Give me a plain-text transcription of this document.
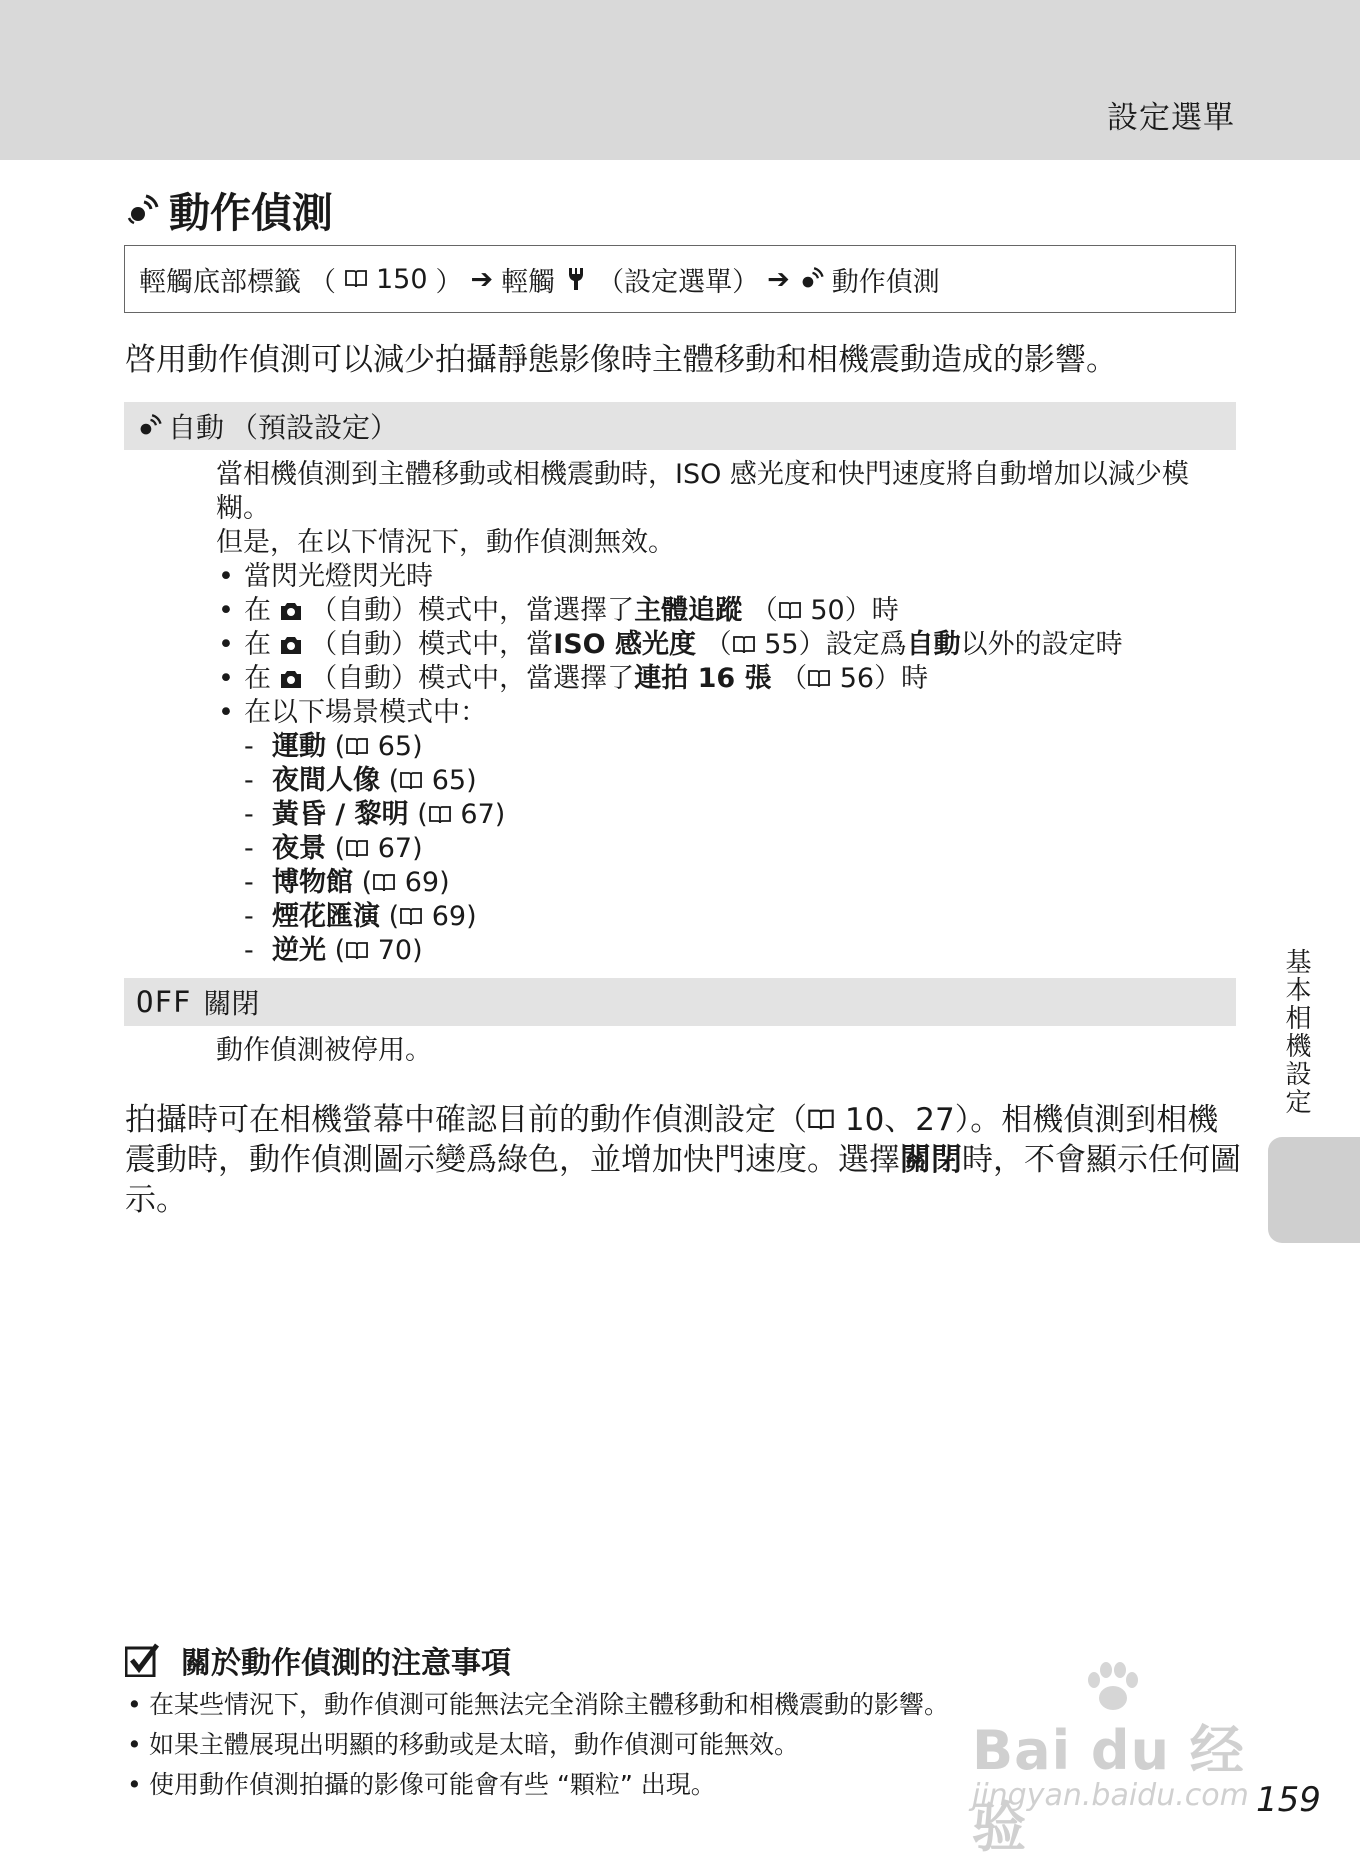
設定選單
動作偵測
輕觸底部標籤 （ 150 ） ➔ 輕觸 （設定選單） ➔ 動作偵測
啓用動作偵測可以減少拍攝靜態影像時主體移動和相機震動造成的影響。
自動 （預設設定）

當相機偵測到主體移動或相機震動時，ISO 感光度和快門速度將自動增加以減少模糊。

但是，在以下情況下，動作偵測無效。

• 當閃光燈閃光時
• 在 （自動）模式中，當選擇了主體追蹤 （ 50）時
• 在 （自動）模式中，當ISO 感光度 （ 55）設定爲自動以外的設定時
• 在 （自動）模式中，當選擇了連拍 16 張 （ 56）時
• 在以下場景模式中：
- 運動 ( 65)
- 夜間人像 ( 65)
- 黃昏 / 黎明 ( 67)
- 夜景 ( 67)
- 博物館 ( 69)
- 煙花匯演 ( 69)
- 逆光 ( 70)
OFF 關閉

動作偵測被停用。

拍攝時可在相機螢幕中確認目前的動作偵測設定（ 10、27）。相機偵測到相機震動時，動作偵測圖示變爲綠色，並增加快門速度。選擇關閉時，不會顯示任何圖示。

基本相機設定
關於動作偵測的注意事項
• 在某些情況下，動作偵測可能無法完全消除主體移動和相機震動的影響。
• 如果主體展現出明顯的移動或是太暗，動作偵測可能無效。
• 使用動作偵測拍攝的影像可能會有些 “顆粒” 出現。
Bai du 经验
jingyan.baidu.com 159
